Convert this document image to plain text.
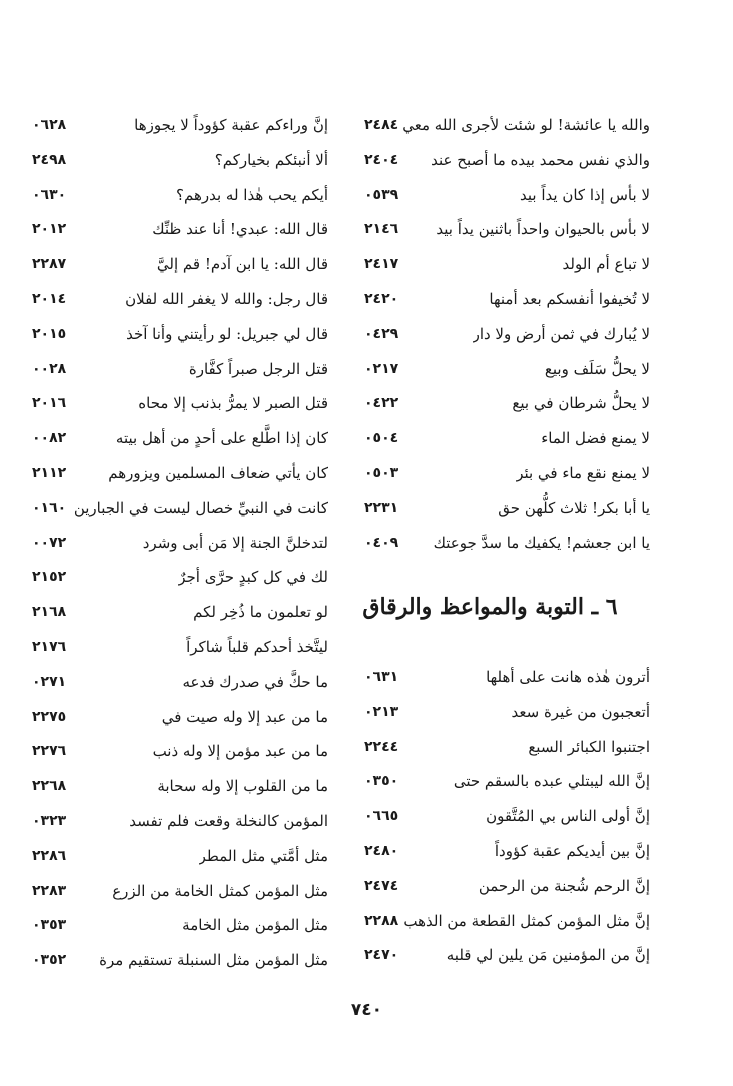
والله يا عائشة! لو شئت لأجرى الله معي
٢٤٨٤
والذي نفس محمد بيده ما أصبح عند
٢٤٠٤
لا بأس إذا كان يداً بيد
٠٥٣٩
لا بأس بالحيوان واحداً باثنين يداً بيد
٢١٤٦
لا تباع أم الولد
٢٤١٧
لا تُخيفوا أنفسكم بعد أمنها
٢٤٢٠
لا يُبارك في ثمن أرض ولا دار
٠٤٢٩
لا يحلُّ سَلَف وبيع
٠٢١٧
لا يحلُّ شرطان في بيع
٠٤٢٢
لا يمنع فضل الماء
٠٥٠٤
لا يمنع نقع ماء في بئر
٠٥٠٣
يا أبا بكر! ثلاث كلُّهن حق
٢٢٣١
يا ابن جعشم! يكفيك ما سدَّ جوعتك
٠٤٠٩
٦ ـ التوبة والمواعظ والرقاق
أترون هٰذه هانت على أهلها
٠٦٣١
أتعجبون من غيرة سعد
٠٢١٣
اجتنبوا الكبائر السبع
٢٢٤٤
إنَّ الله ليبتلي عبده بالسقم حتى
٠٣٥٠
إنَّ أولى الناس بي المُتَّقون
٠٦٦٥
إنَّ بين أيديكم عقبة كؤوداً
٢٤٨٠
إنَّ الرحم شُجنة من الرحمن
٢٤٧٤
إنَّ مثل المؤمن كمثل القطعة من الذهب
٢٢٨٨
إنَّ من المؤمنين مَن يلين لي قلبه
٢٤٧٠
إنَّ وراءكم عقبة كؤوداً لا يجوزها
٠٦٢٨
ألا أنبئكم بخياركم؟
٢٤٩٨
أيكم يحب هٰذا له بدرهم؟
٠٦٣٠
قال الله: عبدي! أنا عند ظنِّك
٢٠١٢
قال الله: يا ابن آدم! قم إليَّ
٢٢٨٧
قال رجل: والله لا يغفر الله لفلان
٢٠١٤
قال لي جبريل: لو رأيتني وأنا آخذ
٢٠١٥
قتل الرجل صبراً كفَّارة
٠٠٢٨
قتل الصبر لا يمرُّ بذنب إلا محاه
٢٠١٦
كان إذا اطَّلع على أحدٍ من أهل بيته
٠٠٨٢
كان يأتي ضعاف المسلمين ويزورهم
٢١١٢
كانت في النبيِّ خصال ليست في الجبارين
٠١٦٠
لتدخلنَّ الجنة إلا مَن أبى وشرد
٠٠٧٢
لك في كل كبدٍ حرَّى أجرٌ
٢١٥٢
لو تعلمون ما ذُخِر لكم
٢١٦٨
ليتَّخذ أحدكم قلباً شاكراً
٢١٧٦
ما حكَّ في صدرك فدعه
٠٢٧١
ما من عبد إلا وله صيت في
٢٢٧٥
ما من عبد مؤمن إلا وله ذنب
٢٢٧٦
ما من القلوب إلا وله سحابة
٢٢٦٨
المؤمن كالنخلة وقعت فلم تفسد
٠٣٢٣
مثل أمَّتي مثل المطر
٢٢٨٦
مثل المؤمن كمثل الخامة من الزرع
٢٢٨٣
مثل المؤمن مثل الخامة
٠٣٥٣
مثل المؤمن مثل السنبلة تستقيم مرة
٠٣٥٢
٧٤٠
